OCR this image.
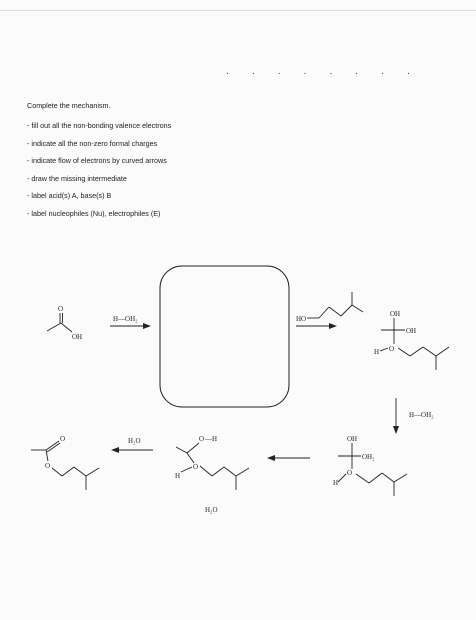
........
Complete the mechanism.
- fill out all the non-bonding valence electrons
- indicate all the non-zero formal charges
- indicate flow of electrons by curved arrows
- draw the missing intermediate
- label acid(s) A, base(s) B
- label nucleophiles (Nu), electrophiles (E)
O
OH
H—OH₂	HO
OH
OH
O
H
H—OH₂
OH
OH₂
O
H
O —H
O
H
H₂O
H₂O
O
O
